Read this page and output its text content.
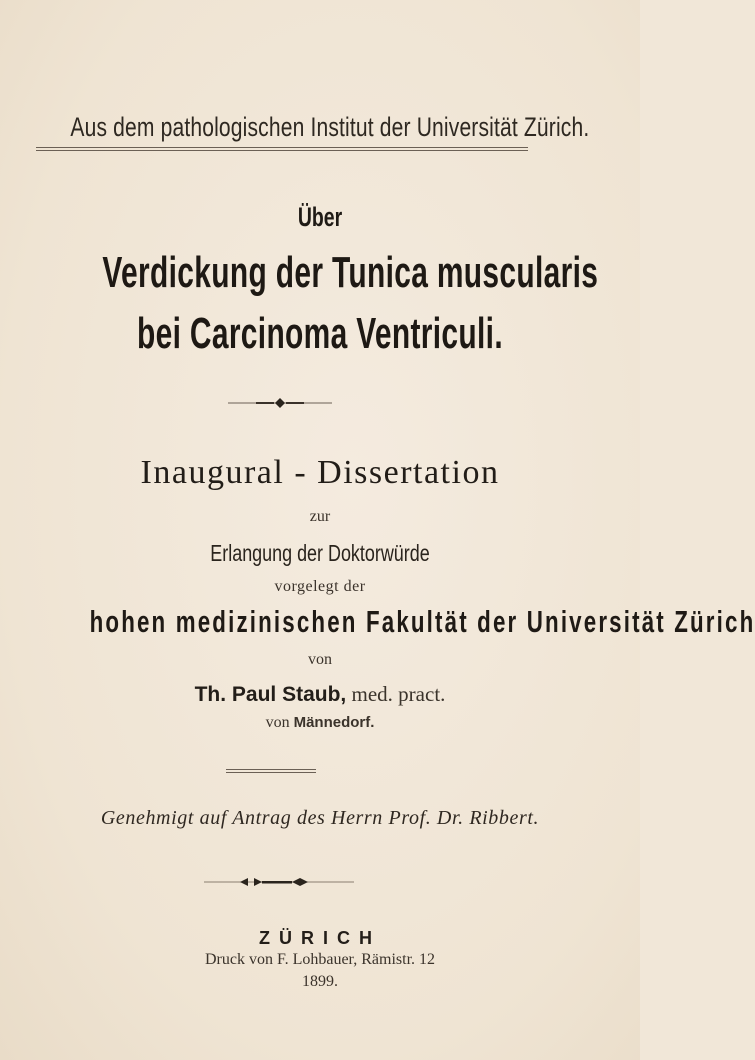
Aus dem pathologischen Institut der Universität Zürich.
Über
Verdickung der Tunica muscularis
bei Carcinoma Ventriculi.
Inaugural - Dissertation
zur
Erlangung der Doktorwürde
vorgelegt der
hohen medizinischen Fakultät der Universität Zürich
von
Th. Paul Staub, med. pract.
von Männedorf.
Genehmigt auf Antrag des Herrn Prof. Dr. Ribbert.
ZÜRICH
Druck von F. Lohbauer, Rämistr. 12
1899.
